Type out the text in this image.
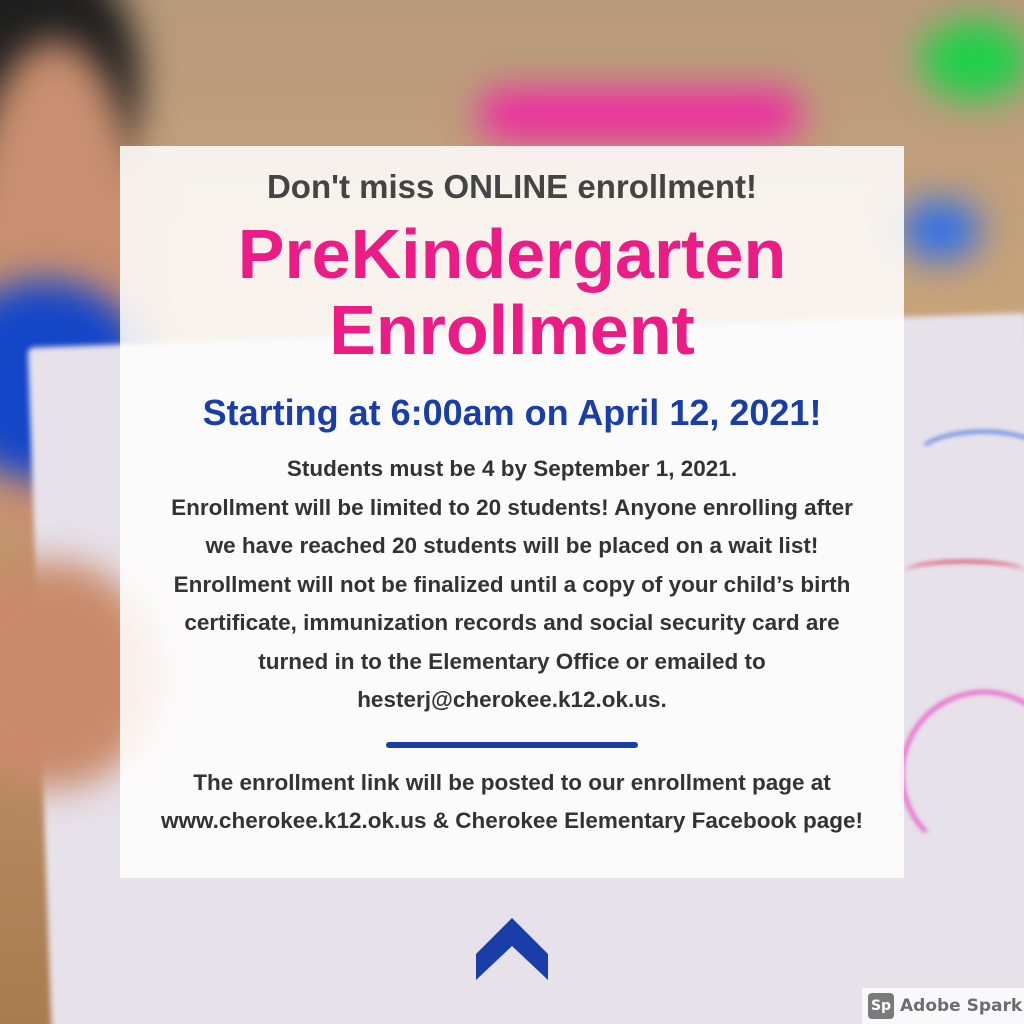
Don't miss ONLINE enrollment!
PreKindergarten
Enrollment
Starting at 6:00am on April 12, 2021!
Students must be 4 by September 1, 2021.
Enrollment will be limited to 20 students! Anyone enrolling after
we have reached 20 students will be placed on a wait list!
Enrollment will not be finalized until a copy of your child’s birth
certificate, immunization records and social security card are
turned in to the Elementary Office or emailed to
hesterj@cherokee.k12.ok.us.
The enrollment link will be posted to our enrollment page at
www.cherokee.k12.ok.us & Cherokee Elementary Facebook page!
Sp Adobe Spark
